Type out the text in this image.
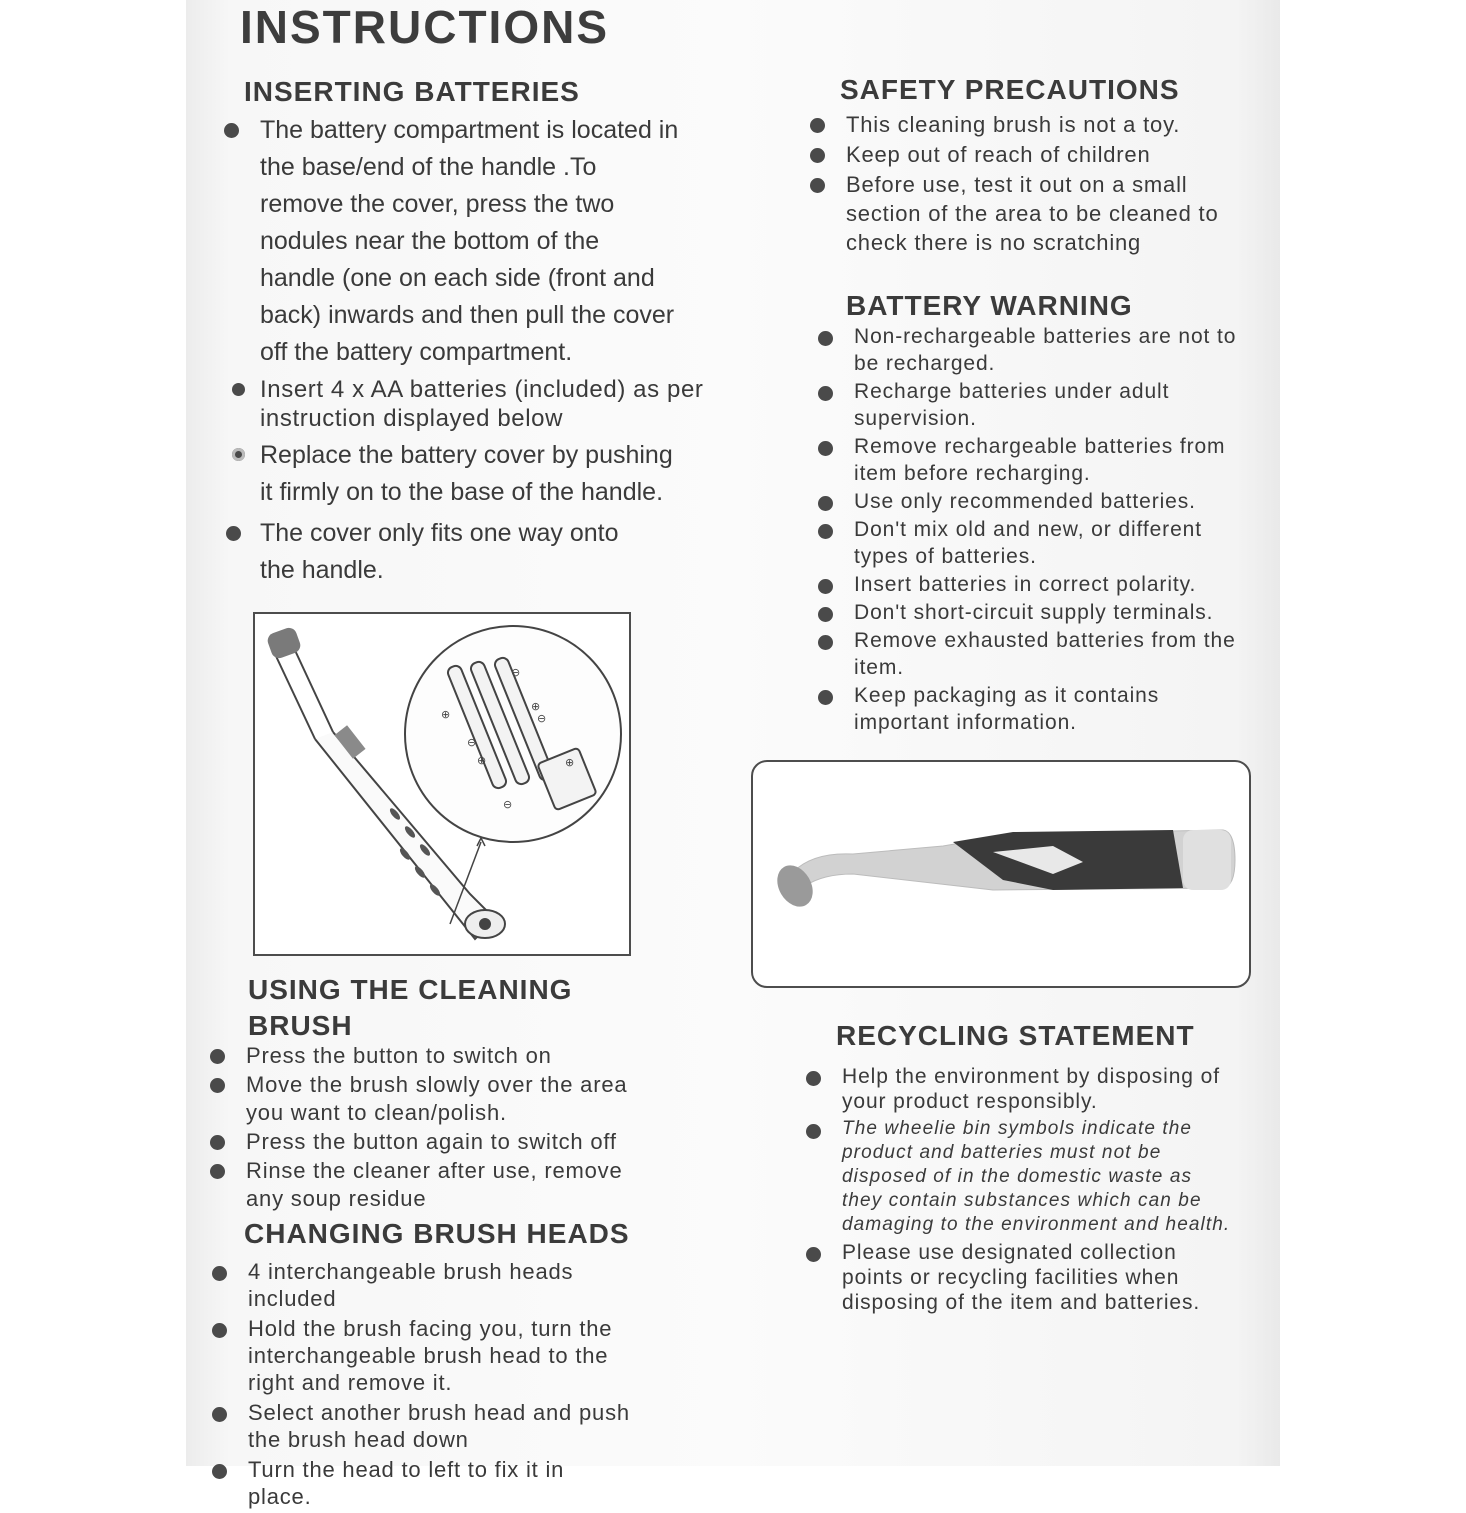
INSTRUCTIONS
INSERTING BATTERIES
The battery compartment is located in the base/end of the handle .To remove the cover, press the two nodules near the bottom of the handle (one on each side (front and back) inwards and then pull the cover off the battery compartment.
Insert 4 x AA batteries (included) as per instruction displayed below
Replace the battery cover by pushing it firmly on to the base of the handle.
The cover only fits one way onto the handle.
⊕
⊖
⊕
⊖
⊕
⊖
⊕
⊖
USING THE CLEANING BRUSH
Press the button to switch on
Move the brush slowly over the area you want to clean/polish.
Press the button again to switch off
Rinse the cleaner after use, remove any soup residue
CHANGING BRUSH HEADS
4 interchangeable brush heads included
Hold the brush facing you, turn the interchangeable brush head to the right and remove it.
Select another brush head and push the brush head down
Turn the head to left to fix it in place.
SAFETY PRECAUTIONS
This cleaning brush is not a toy.
Keep out of reach of children
Before use, test it out on a small section of the area to be cleaned to check there is no scratching
BATTERY WARNING
Non-rechargeable batteries are not to be recharged.
Recharge batteries under adult supervision.
Remove rechargeable batteries from item before recharging.
Use only recommended batteries.
Don't mix old and new, or different types of batteries.
Insert batteries in correct polarity.
Don't short-circuit supply terminals.
Remove exhausted batteries from the item.
Keep packaging as it contains important information.
RECYCLING STATEMENT
Help the environment by disposing of your product responsibly.
The wheelie bin symbols indicate the product and batteries must not be disposed of in the domestic waste as they contain substances which can be damaging to the environment and health.
Please use designated collection points or recycling facilities when disposing of the item and batteries.
